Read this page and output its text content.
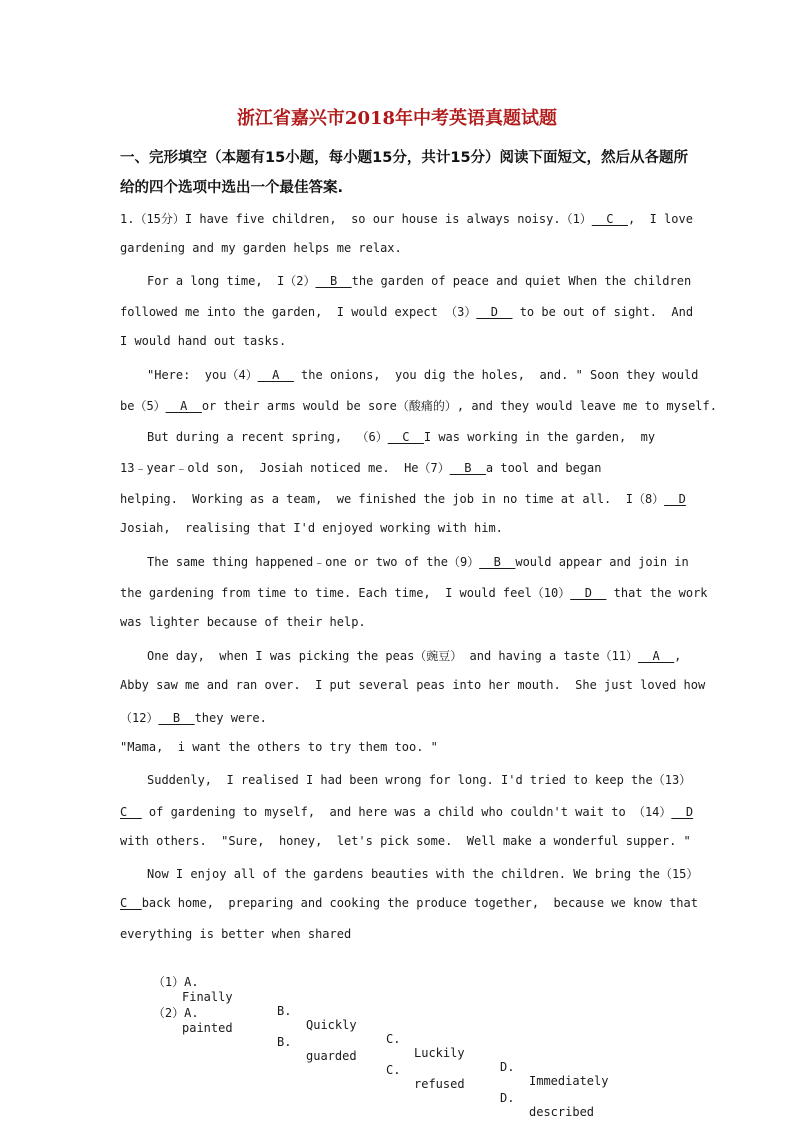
浙江省嘉兴市2018年中考英语真题试题
一、完形填空（本题有15小题，每小题15分，共计15分）阅读下面短文，然后从各题所
给的四个选项中选出一个最佳答案.
1.（15分）I have five children,  so our house is always noisy.（1）__C__,  I love
gardening and my garden helps me relax.
For a long time,  I（2）__B__the garden of peace and quiet When the children
followed me into the garden,  I would expect （3）__D__ to be out of sight.  And
I would hand out tasks.
"Here:  you（4）__A__ the onions,  you dig the holes,  and. " Soon they would
be（5）__A__or their arms would be sore（酸痛的）, and they would leave me to myself.
But during a recent spring,  （6）__C__I was working in the garden,  my
13﹣year﹣old son,  Josiah noticed me.  He（7）__B__a tool and began
helping.  Working as a team,  we finished the job in no time at all.  I（8）__D
Josiah,  realising that I'd enjoyed working with him.
The same thing happened﹣one or two of the（9）__B__would appear and join in
the gardening from time to time. Each time,  I would feel（10）__D__ that the work
was lighter because of their help.
One day,  when I was picking the peas（豌豆） and having a taste（11）__A__,
Abby saw me and ran over.  I put several peas into her mouth.  She just loved how
（12）__B__they were.
"Mama,  i want the others to try them too. "
Suddenly,  I realised I had been wrong for long. I'd tried to keep the（13）
C__ of gardening to myself,  and here was a child who couldn't wait to （14）__D
with others.  "Sure,  honey,  let's pick some.  Well make a wonderful supper. "
Now I enjoy all of the gardens beauties with the children. We bring the（15）
C__back home,  preparing and cooking the produce together,  because we know that
everything is better when shared

（1）A.

Finally

B.

Quickly

C.

Luckily

D.

Immediately

（2）A.

painted

B.

guarded

C.

refused

D.

described
